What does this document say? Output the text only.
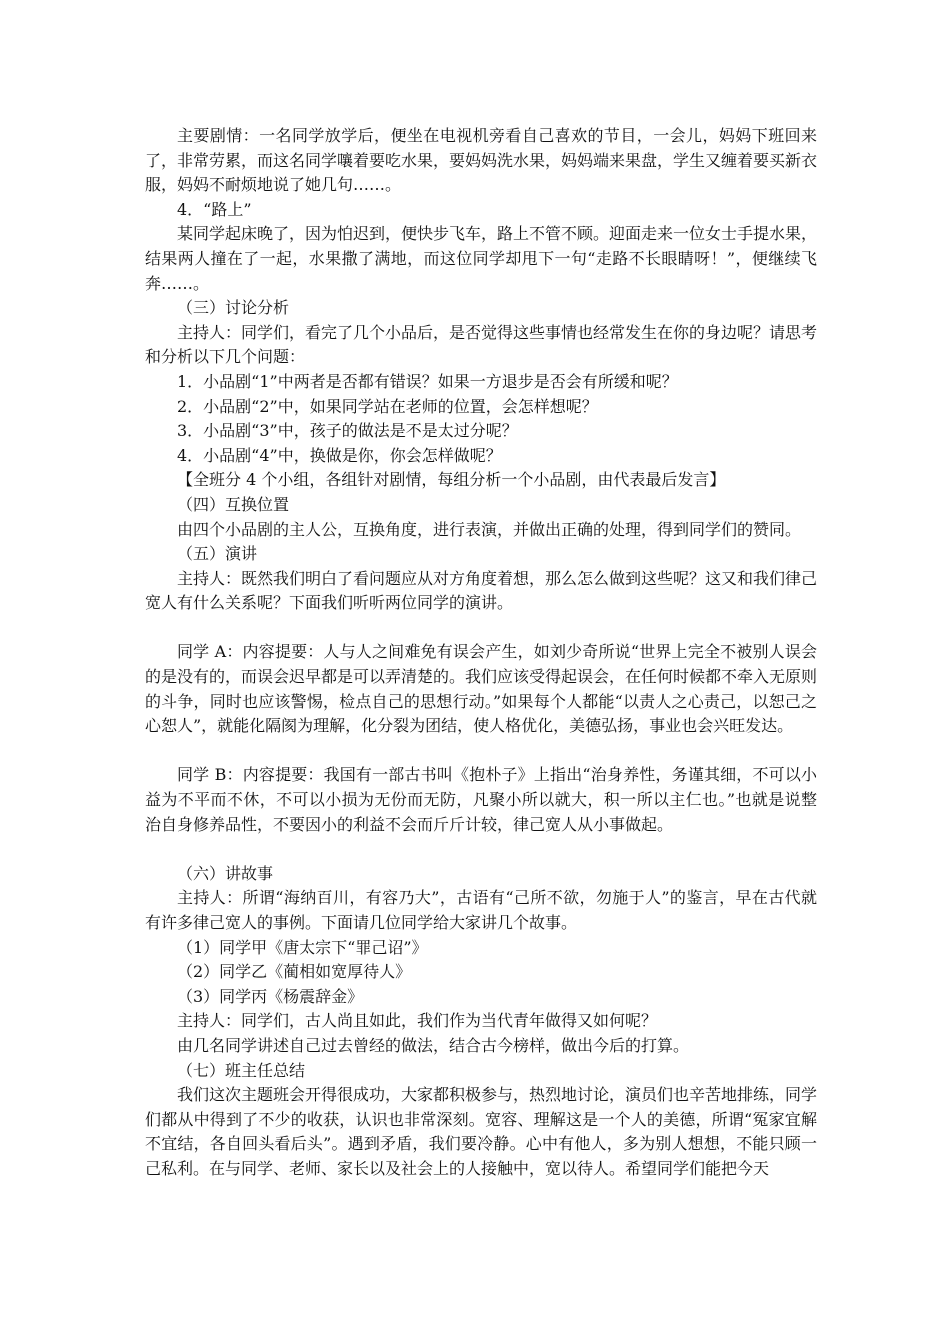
主要剧情：一名同学放学后，便坐在电视机旁看自己喜欢的节目，一会儿，妈妈下班回来了，非常劳累，而这名同学嚷着要吃水果，要妈妈洗水果，妈妈端来果盘，学生又缠着要买新衣服，妈妈不耐烦地说了她几句……。

4．“路上”

某同学起床晚了，因为怕迟到，便快步飞车，路上不管不顾。迎面走来一位女士手提水果，结果两人撞在了一起，水果撒了满地，而这位同学却甩下一句“走路不长眼睛呀！”，便继续飞奔……。

（三）讨论分析

主持人：同学们，看完了几个小品后，是否觉得这些事情也经常发生在你的身边呢？请思考和分析以下几个问题：

1．小品剧“1”中两者是否都有错误？如果一方退步是否会有所缓和呢？

2．小品剧“2”中，如果同学站在老师的位置，会怎样想呢？

3．小品剧“3”中，孩子的做法是不是太过分呢？

4．小品剧“4”中，换做是你，你会怎样做呢？

【全班分 4 个小组，各组针对剧情，每组分析一个小品剧，由代表最后发言】

（四）互换位置

由四个小品剧的主人公，互换角度，进行表演，并做出正确的处理，得到同学们的赞同。

（五）演讲

主持人：既然我们明白了看问题应从对方角度着想，那么怎么做到这些呢？这又和我们律己宽人有什么关系呢？下面我们听听两位同学的演讲。

同学 A：内容提要：人与人之间难免有误会产生，如刘少奇所说“世界上完全不被别人误会的是没有的，而误会迟早都是可以弄清楚的。我们应该受得起误会，在任何时候都不牵入无原则的斗争，同时也应该警惕，检点自己的思想行动。”如果每个人都能“以责人之心责己，以恕己之心恕人”，就能化隔阂为理解，化分裂为团结，使人格优化，美德弘扬，事业也会兴旺发达。

同学 B：内容提要：我国有一部古书叫《抱朴子》上指出“治身养性，务谨其细，不可以小益为不平而不休，不可以小损为无份而无防，凡聚小所以就大，积一所以主仁也。”也就是说整治自身修养品性，不要因小的利益不会而斤斤计较，律己宽人从小事做起。

（六）讲故事

主持人：所谓“海纳百川，有容乃大”，古语有“己所不欲，勿施于人”的鉴言，早在古代就有许多律己宽人的事例。下面请几位同学给大家讲几个故事。

（1）同学甲《唐太宗下“罪己诏”》

（2）同学乙《蔺相如宽厚待人》

（3）同学丙《杨震辞金》

主持人：同学们，古人尚且如此，我们作为当代青年做得又如何呢？

由几名同学讲述自己过去曾经的做法，结合古今榜样，做出今后的打算。

（七）班主任总结

我们这次主题班会开得很成功，大家都积极参与，热烈地讨论，演员们也辛苦地排练，同学们都从中得到了不少的收获，认识也非常深刻。宽容、理解这是一个人的美德，所谓“冤家宜解不宜结，各自回头看后头”。遇到矛盾，我们要冷静。心中有他人，多为别人想想，不能只顾一己私利。在与同学、老师、家长以及社会上的人接触中，宽以待人。希望同学们能把今天
